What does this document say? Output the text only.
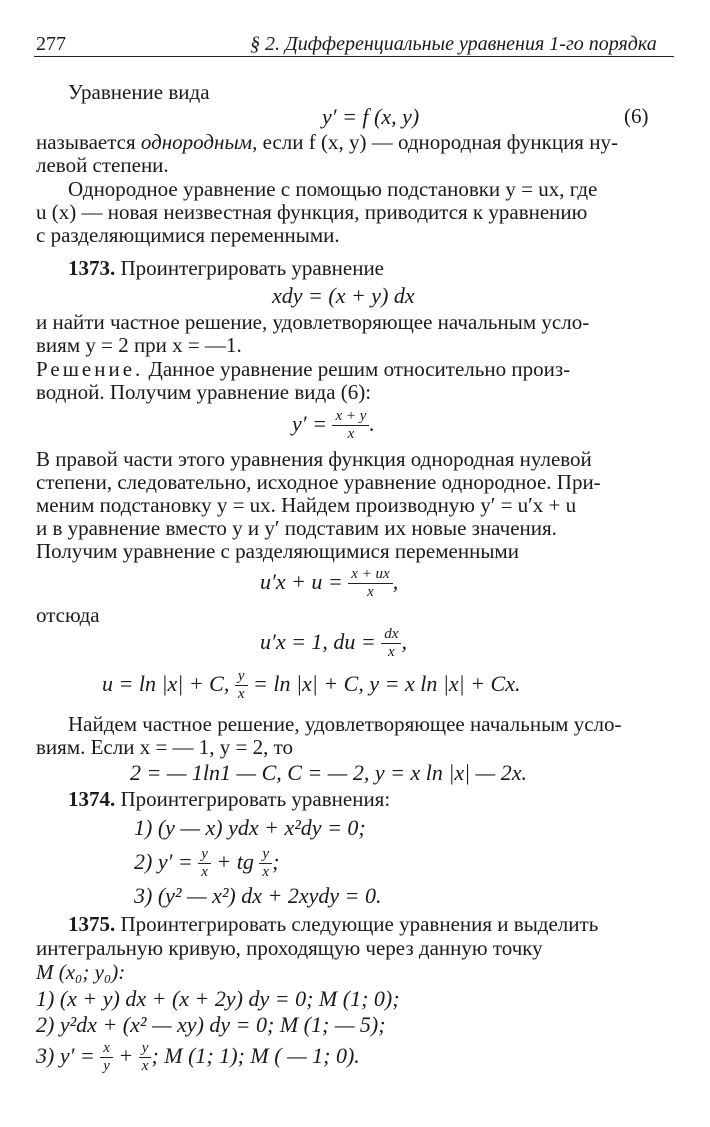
277	§ 2. Дифференциальные уравнения 1-го порядка
Уравнение вида
y′ = f (x, y)	(6)
называется однородным, если f (x, y) — однородная функция ну-
левой степени.
Однородное уравнение с помощью подстановки y = ux, где
u (x) — новая неизвестная функция, приводится к уравнению
с разделяющимися переменными.
1373. Проинтегрировать уравнение
xdy = (x + y) dx
и найти частное решение, удовлетворяющее начальным усло-
виям y = 2 при x = —1.
Решение. Данное уравнение решим относительно произ-
водной. Получим уравнение вида (6):
$y' = \frac{x + y}{x}$ .
В правой части этого уравнения функция однородная нулевой
степени, следовательно, исходное уравнение однородное. При-
меним подстановку y = ux. Найдем производную y′ = u′x + u
и в уравнение вместо y и y′ подставим их новые значения.
Получим уравнение с разделяющимися переменными
$u'x + u = \frac{x + ux}{x}$ ,
отсюда
u′x = 1, du = $\frac{dx}{x}$ ,
u = ln |x| + C, $\frac{y}{x} = \ln |x| + C$, y = x ln |x| + Cx.
Найдем частное решение, удовлетворяющее начальным усло-
виям. Если x = — 1, y = 2, то
2 = — 1ln1 — C, C = — 2, y = x ln |x| — 2x.
1374. Проинтегрировать уравнения:
1) (y — x) ydx + x²dy = 0;
2) $y' = \frac{y}{x}$ + tg $\frac{y}{x}$ ;
3) (y² — x²) dx + 2xydy = 0.
1375. Проинтегрировать следующие уравнения и выделить
интегральную кривую, проходящую через данную точку
M (x₀; y₀):
1) (x + y) dx + (x + 2y) dy = 0; M (1; 0);
2) y²dx + (x² — xy) dy = 0; M (1; — 5);
3) $y' = \frac{x}{y} + \frac{y}{x}$ ; M (1; 1); M ( — 1; 0).
